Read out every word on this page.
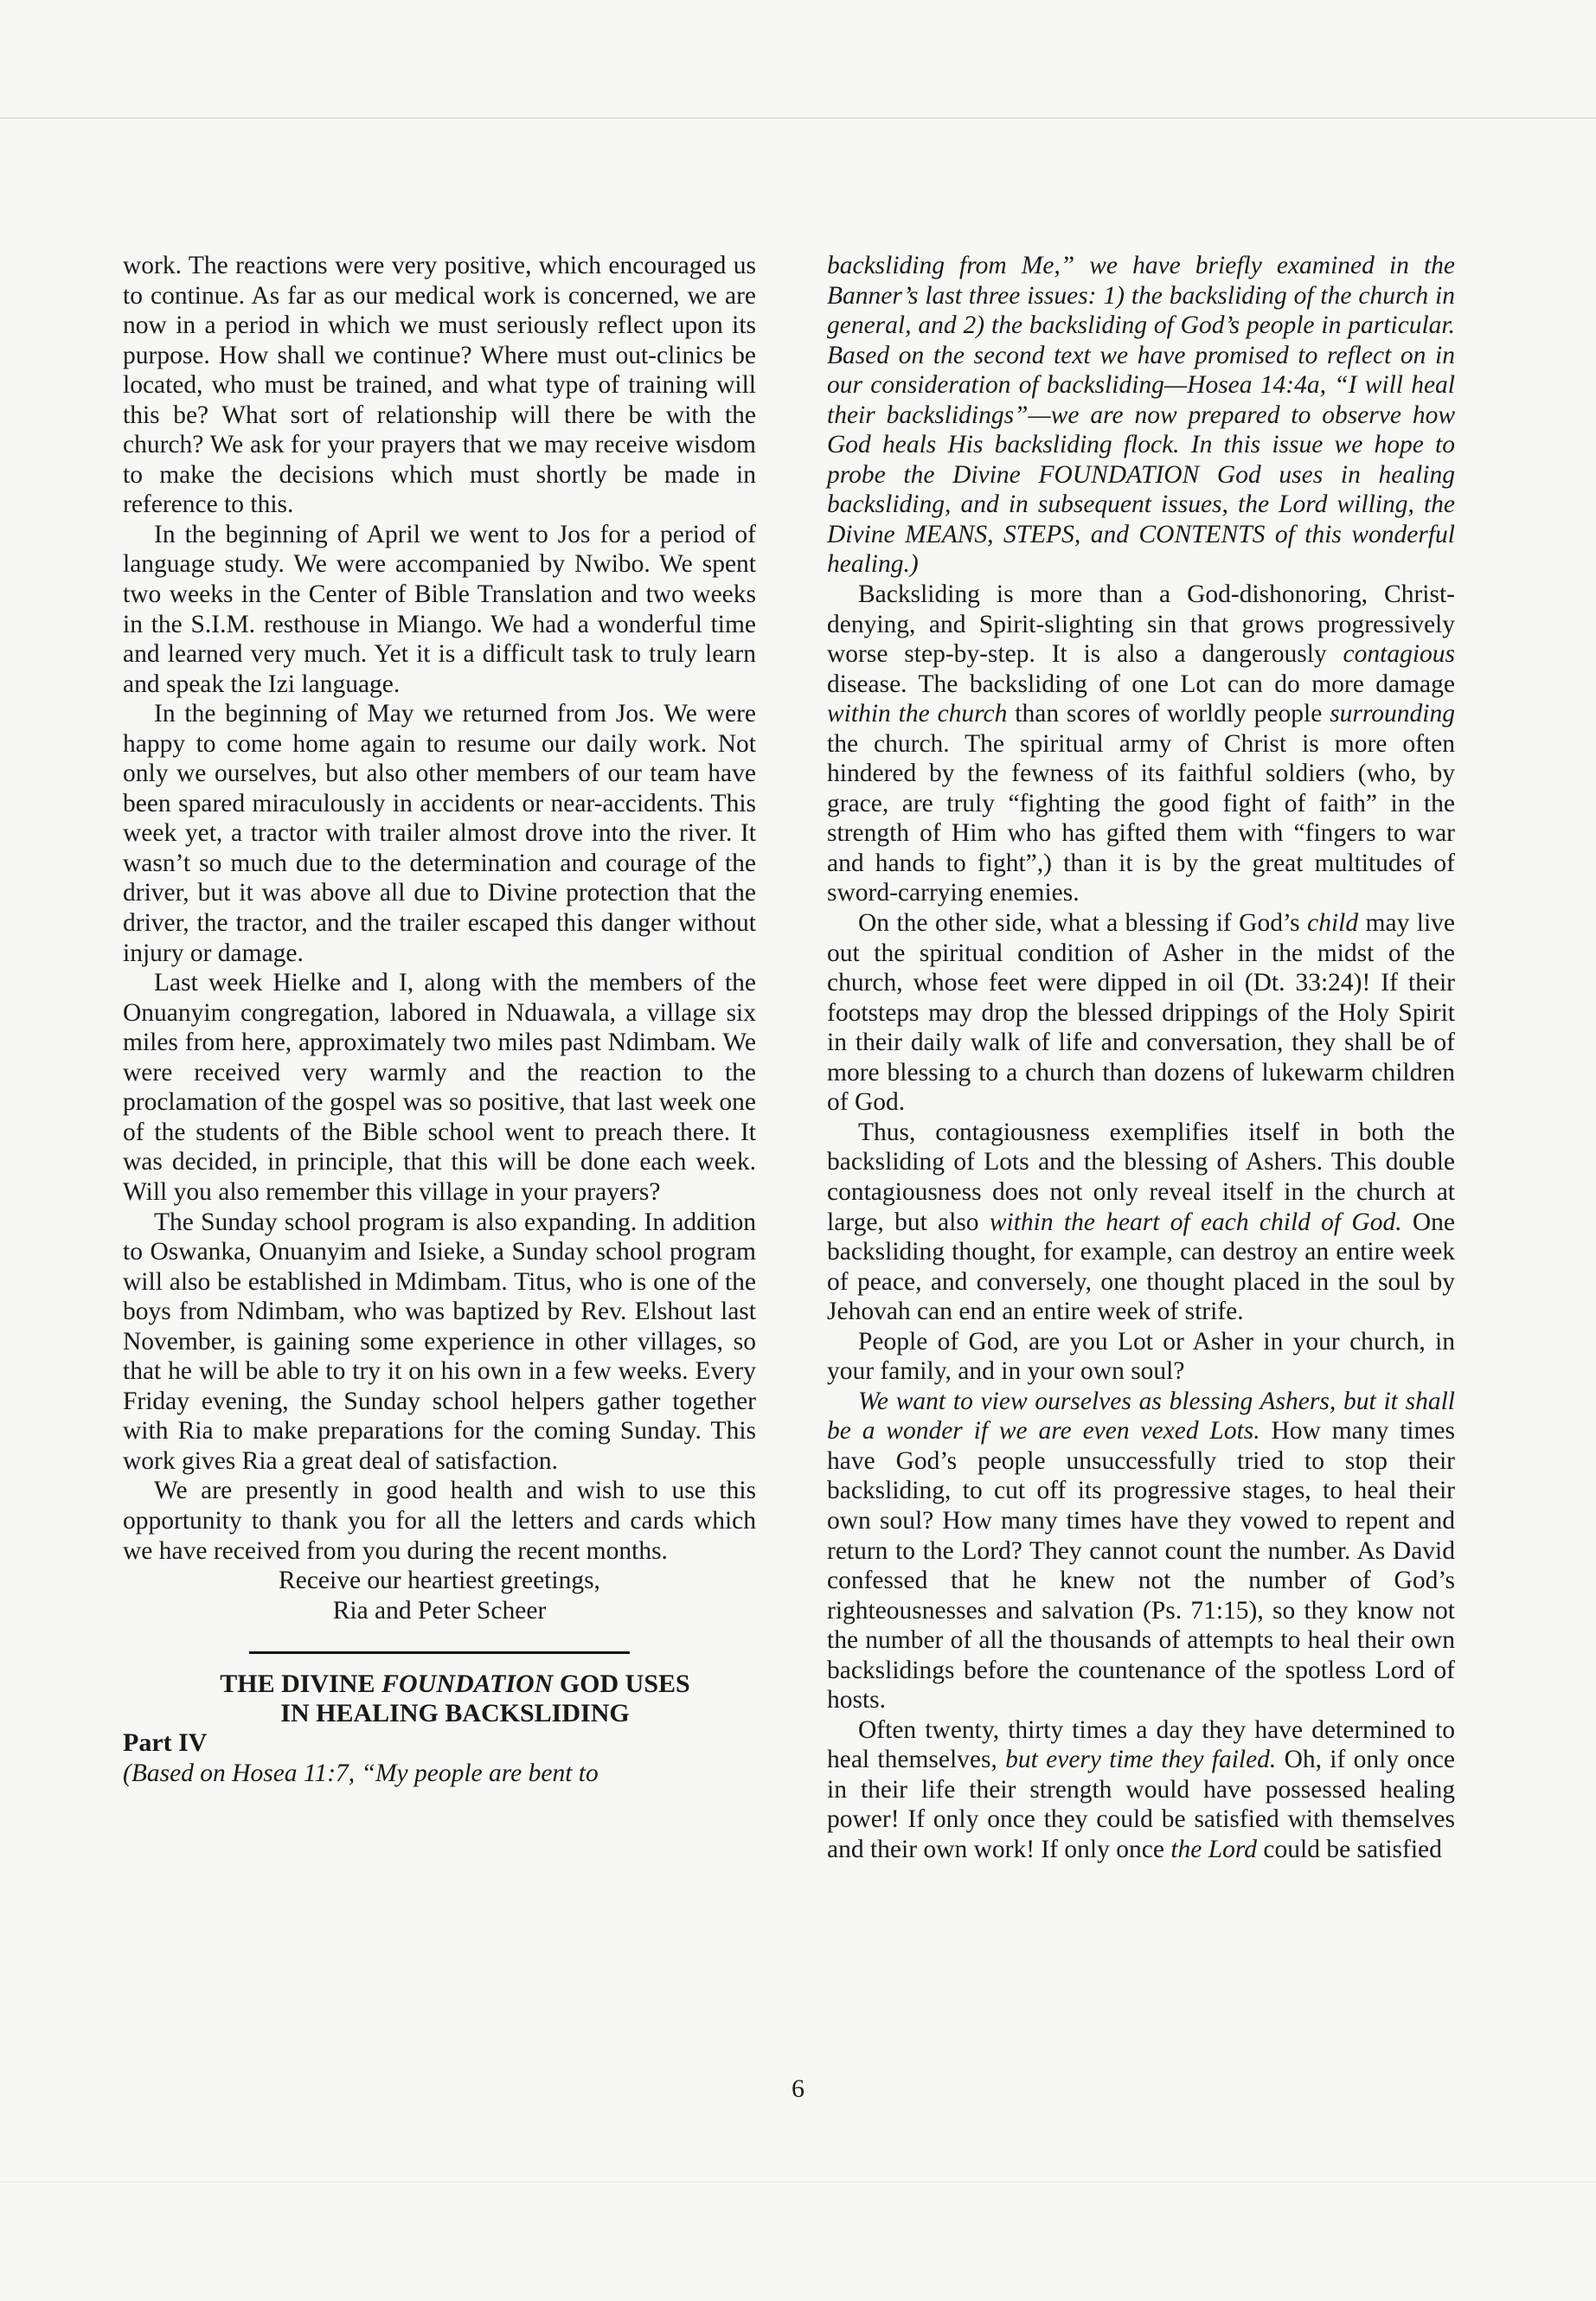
work. The reactions were very positive, which encouraged us to continue. As far as our medical work is concerned, we are now in a period in which we must seriously reflect upon its purpose. How shall we continue? Where must out-clinics be located, who must be trained, and what type of training will this be? What sort of relationship will there be with the church? We ask for your prayers that we may receive wisdom to make the decisions which must shortly be made in reference to this.

In the beginning of April we went to Jos for a period of language study. We were accompanied by Nwibo. We spent two weeks in the Center of Bible Translation and two weeks in the S.I.M. resthouse in Miango. We had a wonderful time and learned very much. Yet it is a difficult task to truly learn and speak the Izi language.

In the beginning of May we returned from Jos. We were happy to come home again to resume our daily work. Not only we ourselves, but also other members of our team have been spared miraculously in accidents or near-accidents. This week yet, a tractor with trailer almost drove into the river. It wasn’t so much due to the determination and courage of the driver, but it was above all due to Divine protection that the driver, the tractor, and the trailer escaped this danger without injury or damage.

Last week Hielke and I, along with the members of the Onuanyim congregation, labored in Nduawala, a village six miles from here, approximately two miles past Ndimbam. We were received very warmly and the reaction to the proclamation of the gospel was so positive, that last week one of the students of the Bible school went to preach there. It was decided, in principle, that this will be done each week. Will you also remember this village in your prayers?

The Sunday school program is also expanding. In addition to Oswanka, Onuanyim and Isieke, a Sunday school program will also be established in Mdimbam. Titus, who is one of the boys from Ndimbam, who was baptized by Rev. Elshout last November, is gaining some experience in other villages, so that he will be able to try it on his own in a few weeks. Every Friday evening, the Sunday school helpers gather together with Ria to make preparations for the coming Sunday. This work gives Ria a great deal of satisfaction.

We are presently in good health and wish to use this opportunity to thank you for all the letters and cards which we have received from you during the recent months.

Receive our heartiest greetings,
Ria and Peter Scheer

THE DIVINE FOUNDATION GOD USES
IN HEALING BACKSLIDING

Part IV

(Based on Hosea 11:7, “My people are bent to

backsliding from Me,” we have briefly examined in the Banner’s last three issues: 1) the backsliding of the church in general, and 2) the backsliding of God’s people in particular. Based on the second text we have promised to reflect on in our consideration of backsliding—Hosea 14:4a, “I will heal their backslidings”—we are now prepared to observe how God heals His backsliding flock. In this issue we hope to probe the Divine FOUNDATION God uses in healing backsliding, and in subsequent issues, the Lord willing, the Divine MEANS, STEPS, and CONTENTS of this wonderful healing.)

Backsliding is more than a God-dishonoring, Christ-denying, and Spirit-slighting sin that grows progressively worse step-by-step. It is also a dangerously contagious disease. The backsliding of one Lot can do more damage within the church than scores of worldly people surrounding the church. The spiritual army of Christ is more often hindered by the fewness of its faithful soldiers (who, by grace, are truly “fighting the good fight of faith” in the strength of Him who has gifted them with “fingers to war and hands to fight”,) than it is by the great multitudes of sword-carrying enemies.

On the other side, what a blessing if God’s child may live out the spiritual condition of Asher in the midst of the church, whose feet were dipped in oil (Dt. 33:24)! If their footsteps may drop the blessed drippings of the Holy Spirit in their daily walk of life and conversation, they shall be of more blessing to a church than dozens of lukewarm children of God.

Thus, contagiousness exemplifies itself in both the backsliding of Lots and the blessing of Ashers. This double contagiousness does not only reveal itself in the church at large, but also within the heart of each child of God. One backsliding thought, for example, can destroy an entire week of peace, and conversely, one thought placed in the soul by Jehovah can end an entire week of strife.

People of God, are you Lot or Asher in your church, in your family, and in your own soul?

We want to view ourselves as blessing Ashers, but it shall be a wonder if we are even vexed Lots. How many times have God’s people unsuccessfully tried to stop their backsliding, to cut off its progressive stages, to heal their own soul? How many times have they vowed to repent and return to the Lord? They cannot count the number. As David confessed that he knew not the number of God’s righteousnesses and salvation (Ps. 71:15), so they know not the number of all the thousands of attempts to heal their own backslidings before the countenance of the spotless Lord of hosts.

Often twenty, thirty times a day they have determined to heal themselves, but every time they failed. Oh, if only once in their life their strength would have possessed healing power! If only once they could be satisfied with themselves and their own work! If only once the Lord could be satisfied

6
